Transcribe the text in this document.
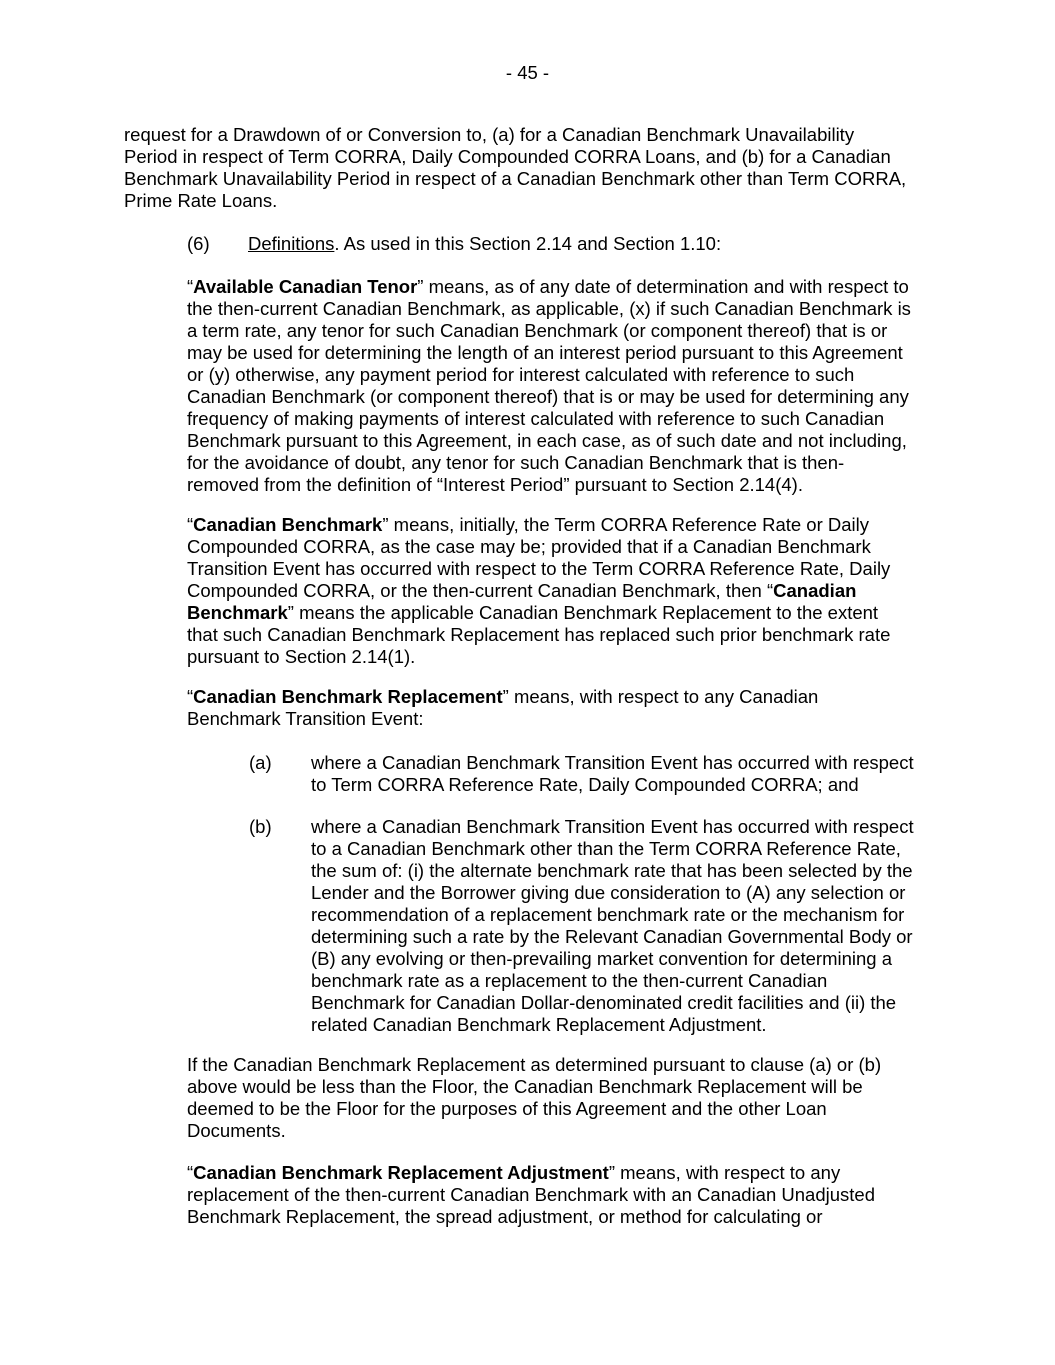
- 45 -
request for a Drawdown of or Conversion to, (a) for a Canadian Benchmark Unavailability
Period in respect of Term CORRA, Daily Compounded CORRA Loans, and (b) for a Canadian
Benchmark Unavailability Period in respect of a Canadian Benchmark other than Term CORRA,
Prime Rate Loans.
(6) Definitions. As used in this Section 2.14 and Section 1.10:
“Available Canadian Tenor” means, as of any date of determination and with respect to
the then-current Canadian Benchmark, as applicable, (x) if such Canadian Benchmark is
a term rate, any tenor for such Canadian Benchmark (or component thereof) that is or
may be used for determining the length of an interest period pursuant to this Agreement
or (y) otherwise, any payment period for interest calculated with reference to such
Canadian Benchmark (or component thereof) that is or may be used for determining any
frequency of making payments of interest calculated with reference to such Canadian
Benchmark pursuant to this Agreement, in each case, as of such date and not including,
for the avoidance of doubt, any tenor for such Canadian Benchmark that is then-
removed from the definition of “Interest Period” pursuant to Section 2.14(4).
“Canadian Benchmark” means, initially, the Term CORRA Reference Rate or Daily
Compounded CORRA, as the case may be; provided that if a Canadian Benchmark
Transition Event has occurred with respect to the Term CORRA Reference Rate, Daily
Compounded CORRA, or the then-current Canadian Benchmark, then “Canadian
Benchmark” means the applicable Canadian Benchmark Replacement to the extent
that such Canadian Benchmark Replacement has replaced such prior benchmark rate
pursuant to Section 2.14(1).
“Canadian Benchmark Replacement” means, with respect to any Canadian
Benchmark Transition Event:
(a) where a Canadian Benchmark Transition Event has occurred with respect
to Term CORRA Reference Rate, Daily Compounded CORRA; and
(b) where a Canadian Benchmark Transition Event has occurred with respect
to a Canadian Benchmark other than the Term CORRA Reference Rate,
the sum of: (i) the alternate benchmark rate that has been selected by the
Lender and the Borrower giving due consideration to (A) any selection or
recommendation of a replacement benchmark rate or the mechanism for
determining such a rate by the Relevant Canadian Governmental Body or
(B) any evolving or then-prevailing market convention for determining a
benchmark rate as a replacement to the then-current Canadian
Benchmark for Canadian Dollar-denominated credit facilities and (ii) the
related Canadian Benchmark Replacement Adjustment.
If the Canadian Benchmark Replacement as determined pursuant to clause (a) or (b)
above would be less than the Floor, the Canadian Benchmark Replacement will be
deemed to be the Floor for the purposes of this Agreement and the other Loan
Documents.
“Canadian Benchmark Replacement Adjustment” means, with respect to any
replacement of the then-current Canadian Benchmark with an Canadian Unadjusted
Benchmark Replacement, the spread adjustment, or method for calculating or
